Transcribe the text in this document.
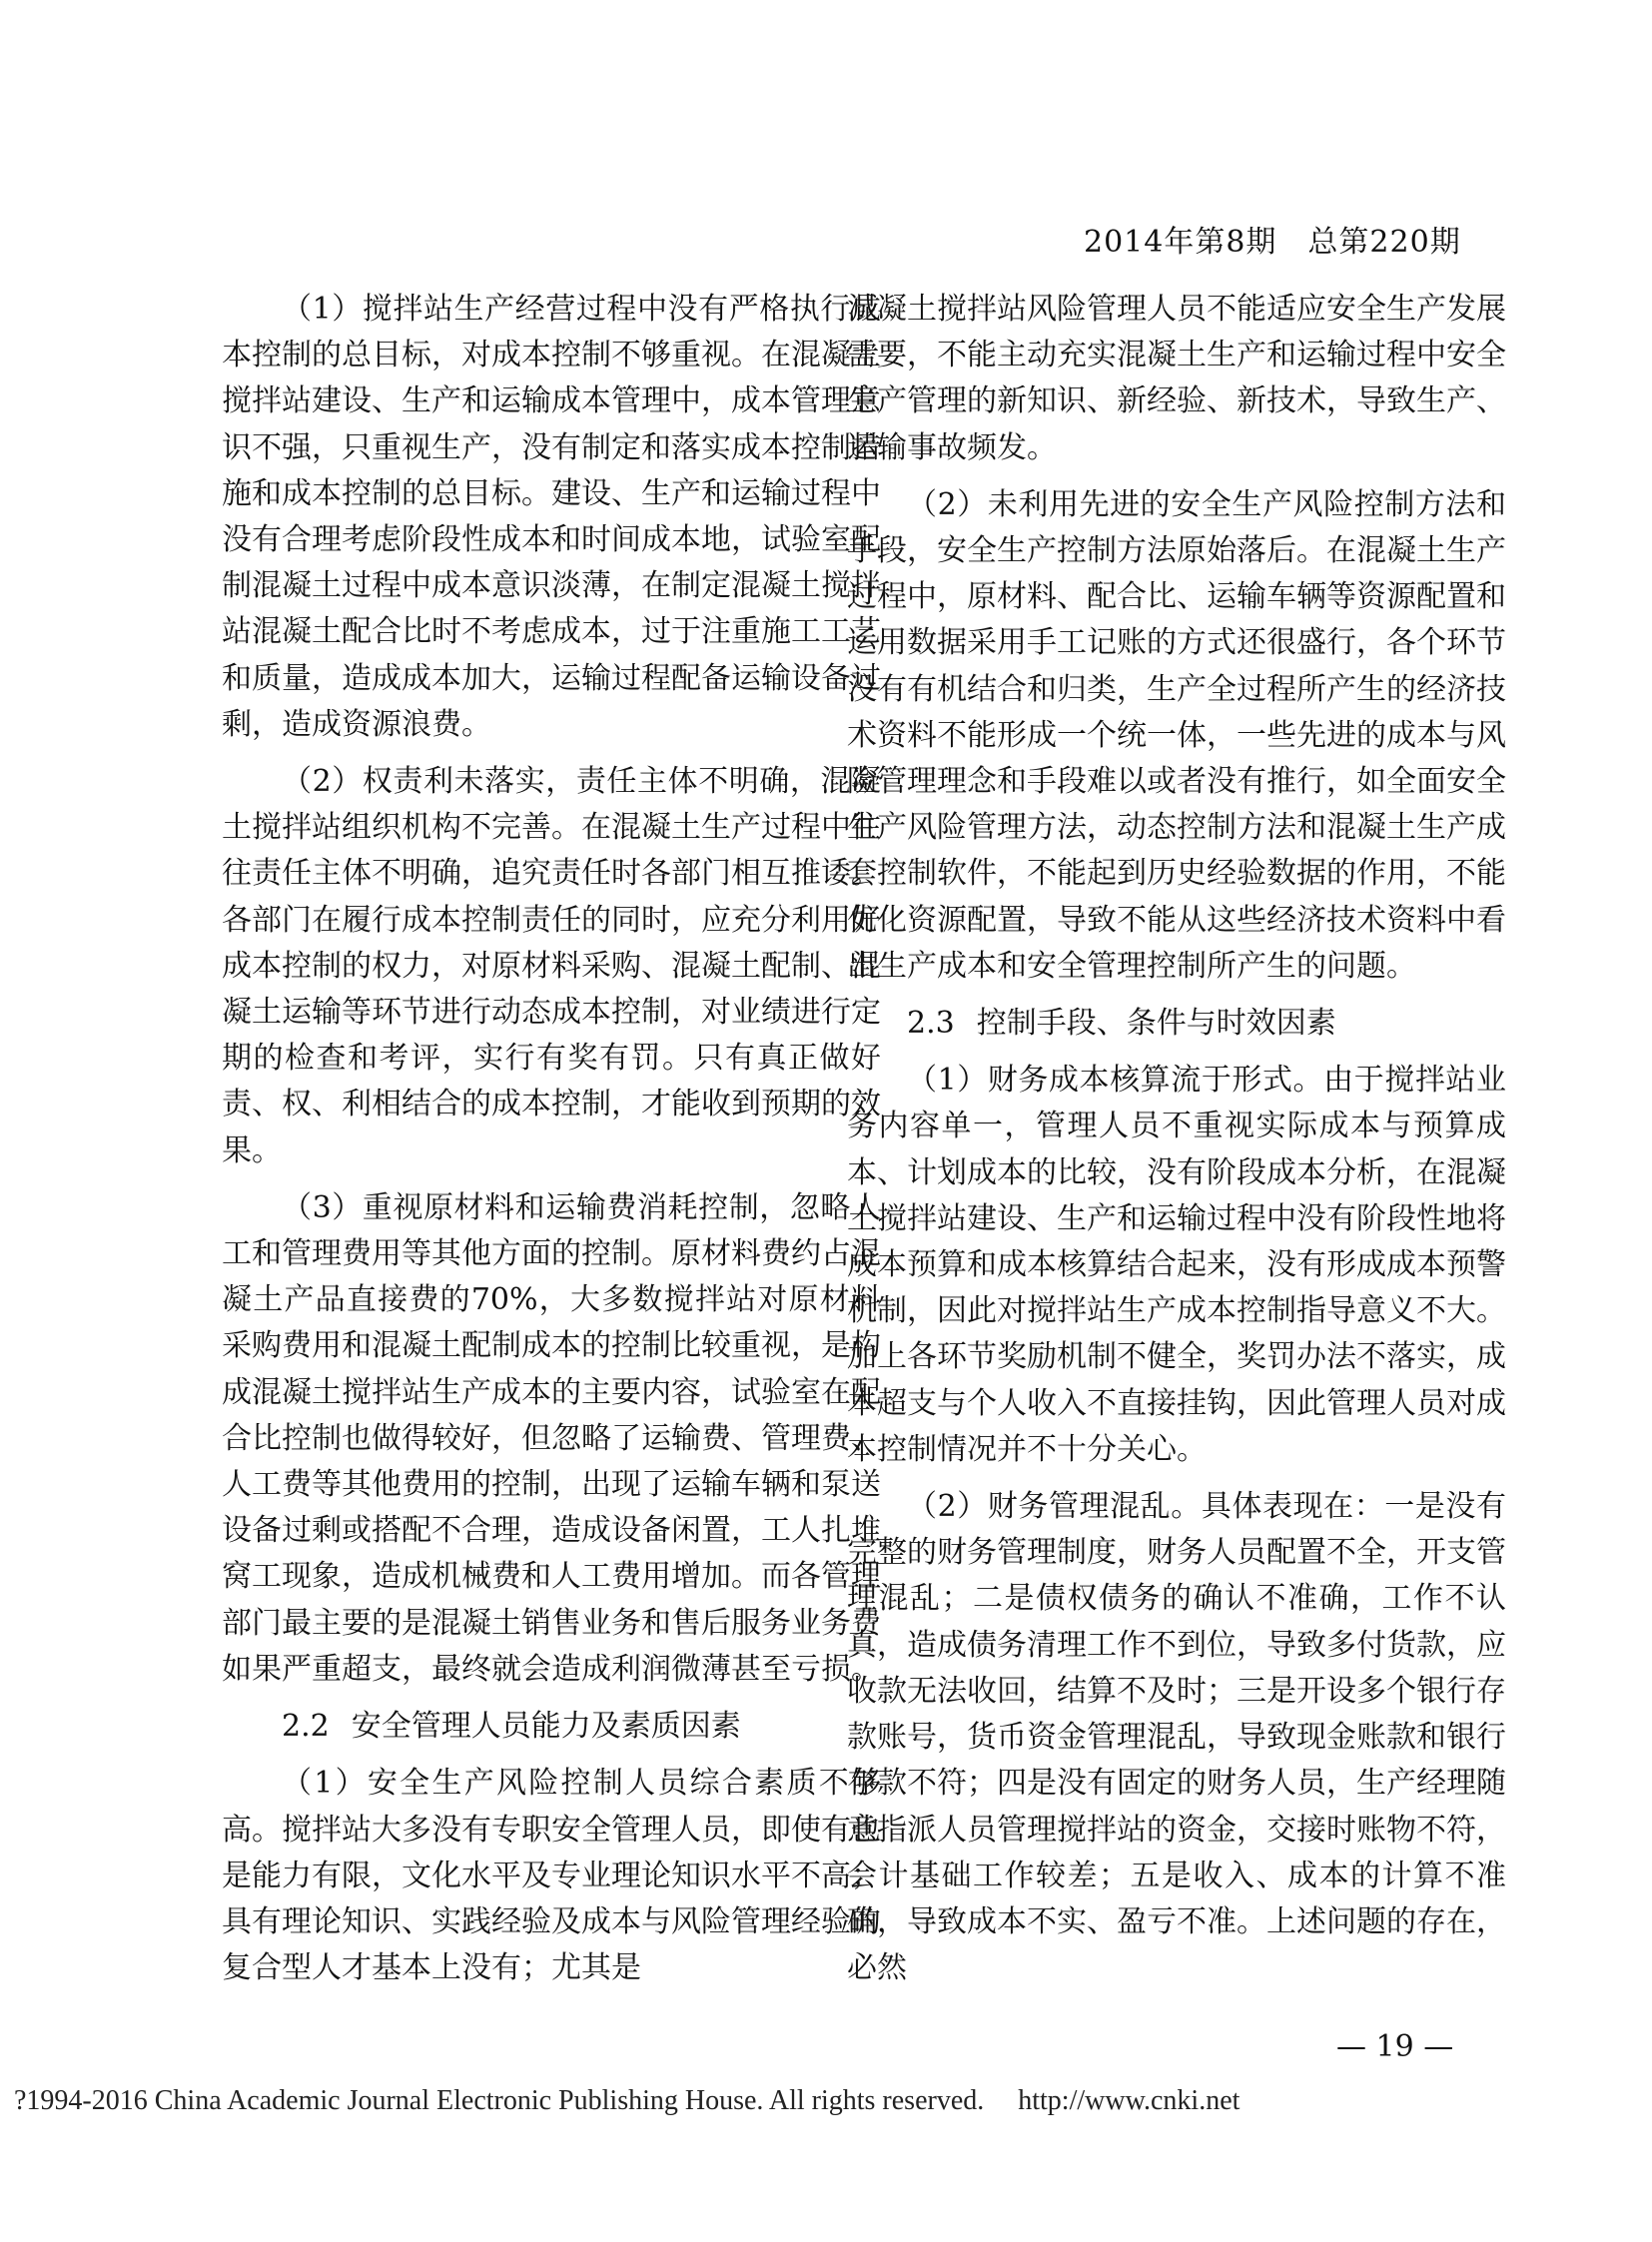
2014年第8期　总第220期

（1）搅拌站生产经营过程中没有严格执行成本控制的总目标，对成本控制不够重视。在混凝土搅拌站建设、生产和运输成本管理中，成本管理意识不强，只重视生产，没有制定和落实成本控制措施和成本控制的总目标。建设、生产和运输过程中没有合理考虑阶段性成本和时间成本地，试验室配制混凝土过程中成本意识淡薄，在制定混凝土搅拌站混凝土配合比时不考虑成本，过于注重施工工艺和质量，造成成本加大，运输过程配备运输设备过剩，造成资源浪费。

（2）权责利未落实，责任主体不明确，混凝土搅拌站组织机构不完善。在混凝土生产过程中往往责任主体不明确，追究责任时各部门相互推诿。各部门在履行成本控制责任的同时，应充分利用好成本控制的权力，对原材料采购、混凝土配制、混凝土运输等环节进行动态成本控制，对业绩进行定期的检查和考评，实行有奖有罚。只有真正做好责、权、利相结合的成本控制，才能收到预期的效果。

（3）重视原材料和运输费消耗控制，忽略人工和管理费用等其他方面的控制。原材料费约占混凝土产品直接费的70%，大多数搅拌站对原材料采购费用和混凝土配制成本的控制比较重视，是构成混凝土搅拌站生产成本的主要内容，试验室在配合比控制也做得较好，但忽略了运输费、管理费、人工费等其他费用的控制，出现了运输车辆和泵送设备过剩或搭配不合理，造成设备闲置，工人扎堆窝工现象，造成机械费和人工费用增加。而各管理部门最主要的是混凝土销售业务和售后服务业务费如果严重超支，最终就会造成利润微薄甚至亏损。

2.2 安全管理人员能力及素质因素

（1）安全生产风险控制人员综合素质不够高。搅拌站大多没有专职安全管理人员，即使有也是能力有限，文化水平及专业理论知识水平不高；具有理论知识、实践经验及成本与风险管理经验的复合型人才基本上没有；尤其是

混凝土搅拌站风险管理人员不能适应安全生产发展需要，不能主动充实混凝土生产和运输过程中安全生产管理的新知识、新经验、新技术，导致生产、运输事故频发。

（2）未利用先进的安全生产风险控制方法和手段，安全生产控制方法原始落后。在混凝土生产过程中，原材料、配合比、运输车辆等资源配置和运用数据采用手工记账的方式还很盛行，各个环节没有有机结合和归类，生产全过程所产生的经济技术资料不能形成一个统一体，一些先进的成本与风险管理理念和手段难以或者没有推行，如全面安全生产风险管理方法，动态控制方法和混凝土生产成套控制软件，不能起到历史经验数据的作用，不能优化资源配置，导致不能从这些经济技术资料中看出生产成本和安全管理控制所产生的问题。

2.3 控制手段、条件与时效因素

（1）财务成本核算流于形式。由于搅拌站业务内容单一，管理人员不重视实际成本与预算成本、计划成本的比较，没有阶段成本分析，在混凝土搅拌站建设、生产和运输过程中没有阶段性地将成本预算和成本核算结合起来，没有形成成本预警机制，因此对搅拌站生产成本控制指导意义不大。加上各环节奖励机制不健全，奖罚办法不落实，成本超支与个人收入不直接挂钩，因此管理人员对成本控制情况并不十分关心。

（2）财务管理混乱。具体表现在：一是没有完整的财务管理制度，财务人员配置不全，开支管理混乱；二是债权债务的确认不准确，工作不认真，造成债务清理工作不到位，导致多付货款，应收款无法收回，结算不及时；三是开设多个银行存款账号，货币资金管理混乱，导致现金账款和银行存款不符；四是没有固定的财务人员，生产经理随意指派人员管理搅拌站的资金，交接时账物不符，会计基础工作较差；五是收入、成本的计算不准确，导致成本不实、盈亏不准。上述问题的存在，必然

— 19 —
?1994-2016 China Academic Journal Electronic Publishing House. All rights reserved. http://www.cnki.net
